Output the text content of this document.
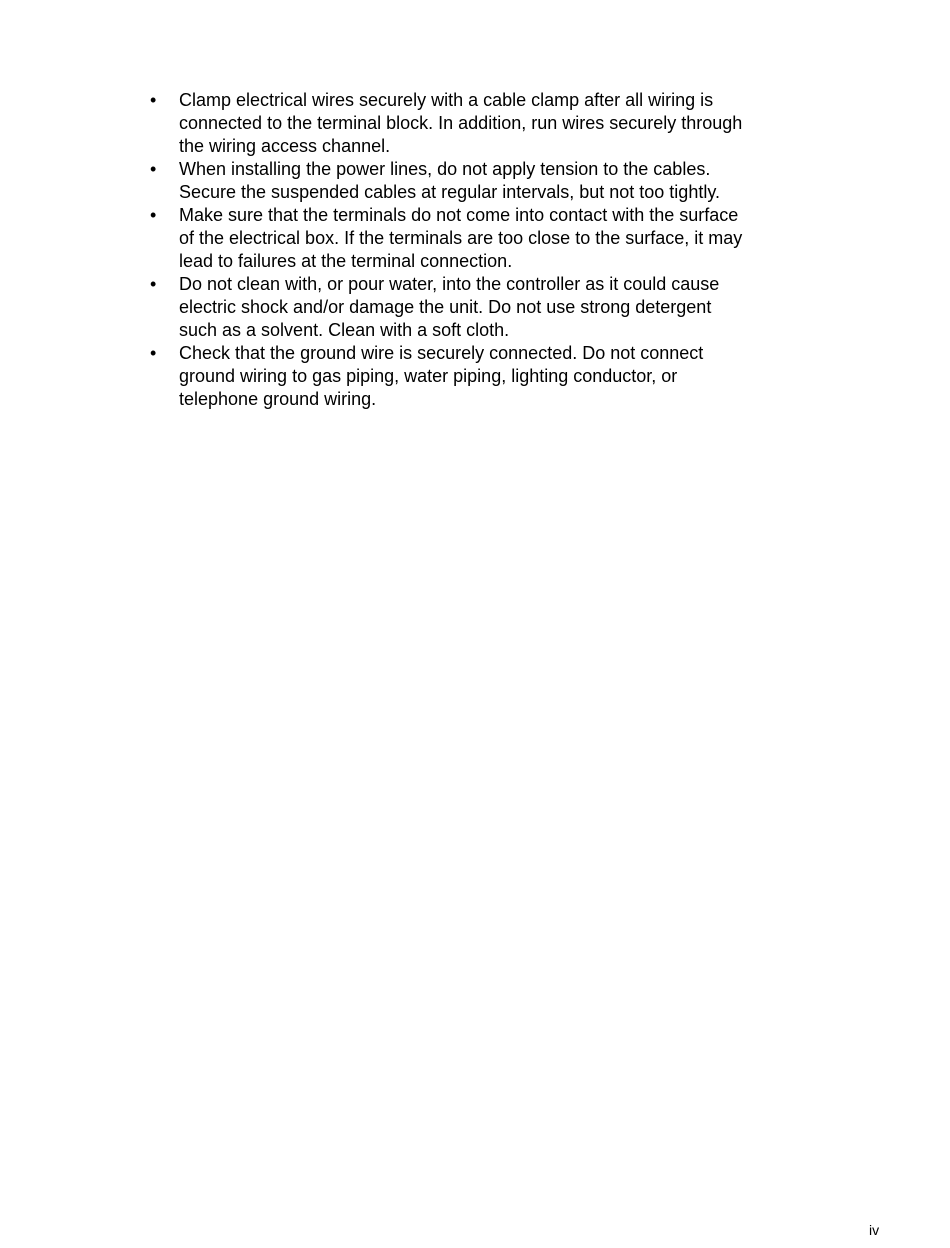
•	Clamp electrical wires securely with a cable clamp after all wiring is
connected to the terminal block. In addition, run wires securely through
the wiring access channel.
•	When installing the power lines, do not apply tension to the cables.
Secure the suspended cables at regular intervals, but not too tightly.
•	Make sure that the terminals do not come into contact with the surface
of the electrical box. If the terminals are too close to the surface, it may
lead to failures at the terminal connection.
•	Do not clean with, or pour water, into the controller as it could cause
electric shock and/or damage the unit. Do not use strong detergent
such as a solvent. Clean with a soft cloth.
•	Check that the ground wire is securely connected. Do not connect
ground wiring to gas piping, water piping, lighting conductor, or
telephone ground wiring.
iv
